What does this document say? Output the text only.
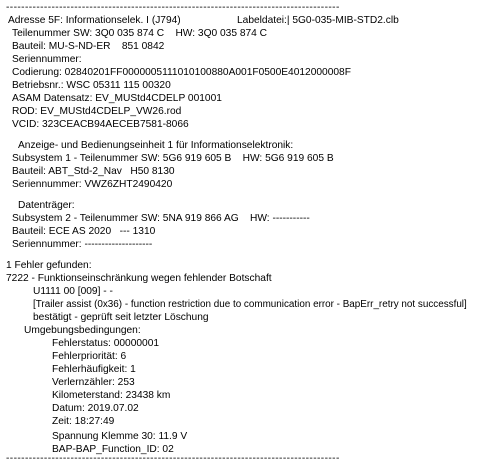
----------------------------------------------------------------------------------------
Adresse 5F: Informationselek. I (J794)	Labeldatei:| 5G0-035-MIB-STD2.clb
Teilenummer SW: 3Q0 035 874 C    HW: 3Q0 035 874 C
Bauteil: MU-S-ND-ER    851 0842
Seriennummer:
Codierung: 02840201FF0000005111010100880A001F0500E4012000008F
Betriebsnr.: WSC 05311 115 00320
ASAM Datensatz: EV_MUStd4CDELP 001001
ROD: EV_MUStd4CDELP_VW26.rod
VCID: 323CEACB94AECEB7581-8066
Anzeige- und Bedienungseinheit 1 für Informationselektronik:
Subsystem 1 - Teilenummer SW: 5G6 919 605 B    HW: 5G6 919 605 B
Bauteil: ABT_Std-2_Nav   H50 8130
Seriennummer: VWZ6ZHT2490420
Datenträger:
Subsystem 2 - Teilenummer SW: 5NA 919 866 AG    HW: -----------
Bauteil: ECE AS 2020   --- 1310
Seriennummer: --------------------
1 Fehler gefunden:
7222 - Funktionseinschränkung wegen fehlender Botschaft
U1111 00 [009] - -
[Trailer assist (0x36) - function restriction due to communication error - BapErr_retry not successful]
bestätigt - geprüft seit letzter Löschung
Umgebungsbedingungen:
Fehlerstatus: 00000001
Fehlerpriorität: 6
Fehlerhäufigkeit: 1
Verlernzähler: 253
Kilometerstand: 23438 km
Datum: 2019.07.02
Zeit: 18:27:49
Spannung Klemme 30: 11.9 V
BAP-BAP_Function_ID: 02
----------------------------------------------------------------------------------------
